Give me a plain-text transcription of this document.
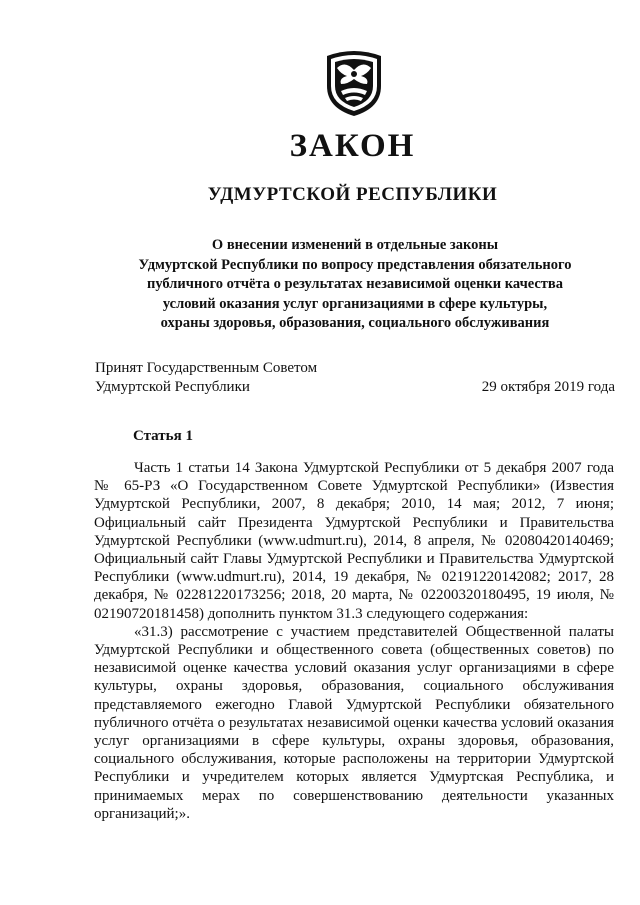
ЗАКОН
УДМУРТСКОЙ РЕСПУБЛИКИ
О внесении изменений в отдельные законы
Удмуртской Республики по вопросу представления обязательного
публичного отчёта о результатах независимой оценки качества
условий оказания услуг организациями в сфере культуры,
охраны здоровья, образования, социального обслуживания
Принят Государственным Советом
Удмуртской Республики	29 октября 2019 года
Статья 1

Часть 1 статьи 14 Закона Удмуртской Республики от 5 декабря 2007 года № 65-РЗ «О Государственном Совете Удмуртской Республики» (Известия Удмуртской Республики, 2007, 8 декабря; 2010, 14 мая; 2012, 7 июня; Официальный сайт Президента Удмуртской Республики и Правительства Удмуртской Республики (www.udmurt.ru), 2014, 8 апреля, № 02080420140469; Официальный сайт Главы Удмуртской Республики и Правительства Удмуртской Республики (www.udmurt.ru), 2014, 19 декабря, № 02191220142082; 2017, 28 декабря, № 02281220173256; 2018, 20 марта, № 02200320180495, 19 июля, № 02190720181458) дополнить пунктом 31.3 следующего содержания:

«31.3) рассмотрение с участием представителей Общественной палаты Удмуртской Республики и общественного совета (общественных советов) по независимой оценке качества условий оказания услуг организациями в сфере культуры, охраны здоровья, образования, социального обслуживания представляемого ежегодно Главой Удмуртской Республики обязательного публичного отчёта о результатах независимой оценки качества условий оказания услуг организациями в сфере культуры, охраны здоровья, образования, социального обслуживания, которые расположены на территории Удмуртской Республики и учредителем которых является Удмуртская Республика, и принимаемых мерах по совершенствованию деятельности указанных организаций;».
